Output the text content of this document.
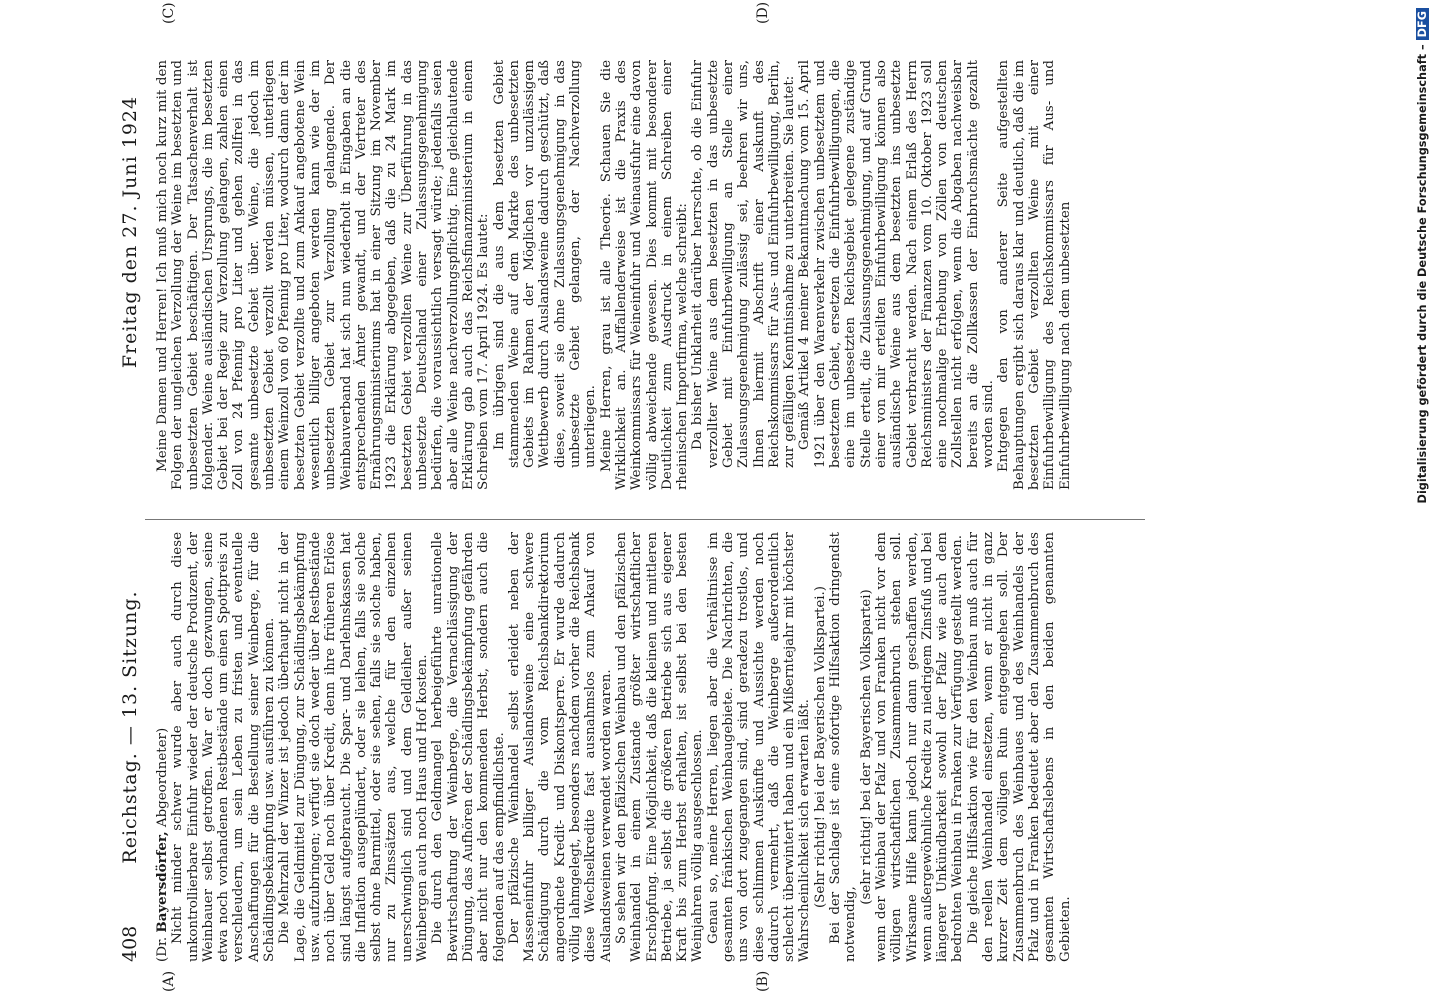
408
Reichstag. — 13. Sitzung.
Freitag den 27. Juni 1924
(A)	(B)
(C)	(D)

(Dr. Bayersdörfer, Abgeordneter) Nicht minder schwer wurde aber auch durch diese unkontrollierbare Einfuhr wieder der deutsche Produzent, der Weinbauer selbst getroffen. War er doch gezwungen, seine etwa noch vorhandenen Restbestände um einen Spottpreis zu verschleudern, um sein Leben zu fristen und eventuelle Anschaffungen für die Bestellung seiner Weinberge, für die Schädlingsbekämpfung usw. ausführen zu können. Die Mehrzahl der Winzer ist jedoch überhaupt nicht in der Lage, die Geldmittel zur Düngung, zur Schädlingsbekämpfung usw. aufzubringen; verfügt sie doch weder über Restbestände noch über Geld noch über Kredit, denn ihre früheren Erlöse sind längst aufgebraucht. Die Spar- und Darlehnskassen hat die Inflation ausgeplündert, oder sie leihen, falls sie solche selbst ohne Barmittel, oder sie sehen, falls sie solche haben, nur zu Zinssätzen aus, welche für den einzelnen unerschwinglich sind und dem Geldleiher außer seinen Weinbergen auch noch Haus und Hof kosten. Die durch den Geldmangel herbeigeführte unrationelle Bewirtschaftung der Weinberge, die Vernachlässigung der Düngung, das Aufhören der Schädlingsbekämpfung gefährden aber nicht nur den kommenden Herbst, sondern auch die folgenden auf das empfindlichste. Der pfälzische Weinhandel selbst erleidet neben der Masseneinfuhr billiger Auslandsweine eine schwere Schädigung durch die vom Reichsbankdirektorium angeordnete Kredit- und Diskontsperre. Er wurde dadurch völlig lahmgelegt, besonders nachdem vorher die Reichsbank diese Wechselkredite fast ausnahmslos zum Ankauf von Auslandsweinen verwendet worden waren. So sehen wir den pfälzischen Weinbau und den pfälzischen Weinhandel in einem Zustande größter wirtschaftlicher Erschöpfung. Eine Möglichkeit, daß die kleinen und mittleren Betriebe, ja selbst die größeren Betriebe sich aus eigener Kraft bis zum Herbst erhalten, ist selbst bei den besten Weinjahren völlig ausgeschlossen. Genau so, meine Herren, liegen aber die Verhältnisse im gesamten fränkischen Weinbaugebiete. Die Nachrichten, die uns von dort zugegangen sind, sind geradezu trostlos, und diese schlimmen Auskünfte und Aussichte werden noch dadurch vermehrt, daß die Weinberge außerordentlich schlecht überwintert haben und ein Mißerntejahr mit höchster Wahrscheinlichkeit sich erwarten läßt. (Sehr richtig! bei der Bayerischen Volkspartei.) Bei der Sachlage ist eine sofortige Hilfsaktion dringendst notwendig,

(sehr richtig! bei der Bayerischen Volkspartei) wenn der Weinbau der Pfalz und von Franken nicht vor dem völligen wirtschaftlichen Zusammenbruch stehen soll. Wirksame Hilfe kann jedoch nur dann geschaffen werden, wenn außergewöhnliche Kredite zu niedrigem Zinsfuß und bei längerer Unkündbarkeit sowohl der Pfalz wie auch dem bedrohten Weinbau in Franken zur Verfügung gestellt werden. Die gleiche Hilfsaktion wie für den Weinbau muß auch für den reellen Weinhandel einsetzen, wenn er nicht in ganz kurzer Zeit dem völligen Ruin entgegengehen soll. Der Zusammenbruch des Weinbaues und des Weinhandels der Pfalz und in Franken bedeutet aber den Zusammenbruch des gesamten Wirtschaftslebens in den beiden genannten Gebieten.

Meine Damen und Herren! Ich muß mich noch kurz mit den Folgen der ungleichen Verzollung der Weine im besetzten und unbesetzten Gebiet beschäftigen. Der Tatsachenverhalt ist folgender. Weine ausländischen Ursprungs, die im besetzten Gebiet bei der Regie zur Verzollung gelangen, zahlen einen Zoll von 24 Pfennig pro Liter und gehen zollfrei in das gesamte unbesetzte Gebiet über. Weine, die jedoch im unbesetzten Gebiet verzollt werden müssen, unterliegen einem Weinzoll von 60 Pfennig pro Liter, wodurch dann der im besetzten Gebiet verzollte und zum Ankauf angebotene Wein wesentlich billiger angeboten werden kann wie der im unbesetzten Gebiet zur Verzollung gelangende. Der Weinbauverband hat sich nun wiederholt in Eingaben an die entsprechenden Ämter gewandt, und der Vertreter des Ernährungsministeriums hat in einer Sitzung im November 1923 die Erklärung abgegeben, daß die zu 24 Mark im besetzten Gebiet verzollten Weine zur Überführung in das unbesetzte Deutschland einer Zulassungsgenehmigung bedürfen, die voraussichtlich versagt würde; jedenfalls seien aber alle Weine nachverzollungspflichtig. Eine gleichlautende Erklärung gab auch das Reichsfinanzministerium in einem Schreiben vom 17. April 1924. Es lautet: Im übrigen sind die aus dem besetzten Gebiet stammenden Weine auf dem Markte des unbesetzten Gebiets im Rahmen der Möglichen vor unzulässigem Wettbewerb durch Auslandsweine dadurch geschützt, daß diese, soweit sie ohne Zulassungsgenehmigung in das unbesetzte Gebiet gelangen, der Nachverzollung unterliegen. Meine Herren, grau ist alle Theorie. Schauen Sie die Wirklichkeit an. Auffallenderweise ist die Praxis des Weinkommissars für Weineinfuhr und Weinausfuhr eine davon völlig abweichende gewesen. Dies kommt mit besonderer Deutlichkeit zum Ausdruck in einem Schreiben einer rheinischen Importfirma, welche schreibt: Da bisher Unklarheit darüber herrschte, ob die Einfuhr verzollter Weine aus dem besetzten in das unbesetzte Gebiet mit Einfuhrbewilligung an Stelle einer Zulassungsgenehmigung zulässig sei, beehren wir uns, Ihnen hiermit Abschrift einer Auskunft des Reichskommissars für Aus- und Einfuhrbewilligung, Berlin, zur gefälligen Kenntnisnahme zu unterbreiten. Sie lautet: Gemäß Artikel 4 meiner Bekanntmachung vom 15. April 1921 über den Warenverkehr zwischen unbesetztem und besetztem Gebiet, ersetzen die Einfuhrbewilligungen, die eine im unbesetzten Reichsgebiet gelegene zuständige Stelle erteilt, die Zulassungsgenehmigung, und auf Grund einer von mir erteilten Einfuhrbewilligung können also ausländische Weine aus dem besetzten ins unbesetzte Gebiet verbracht werden. Nach einem Erlaß des Herrn Reichsministers der Finanzen vom 10. Oktober 1923 soll eine nochmalige Erhebung von Zöllen von deutschen Zollstellen nicht erfolgen, wenn die Abgaben nachweisbar bereits an die Zollkassen der Einbruchsmächte gezahlt worden sind. Entgegen den von anderer Seite aufgestellten Behauptungen ergibt sich daraus klar und deutlich, daß die im besetzten Gebiet verzollten Weine mit einer Einfuhrbewilligung des Reichskommissars für Aus- und Einfuhrbewilligung nach dem unbesetzten	Digitalisierung gefördert durch die Deutsche Forschungsgemeinschaft –DFG
